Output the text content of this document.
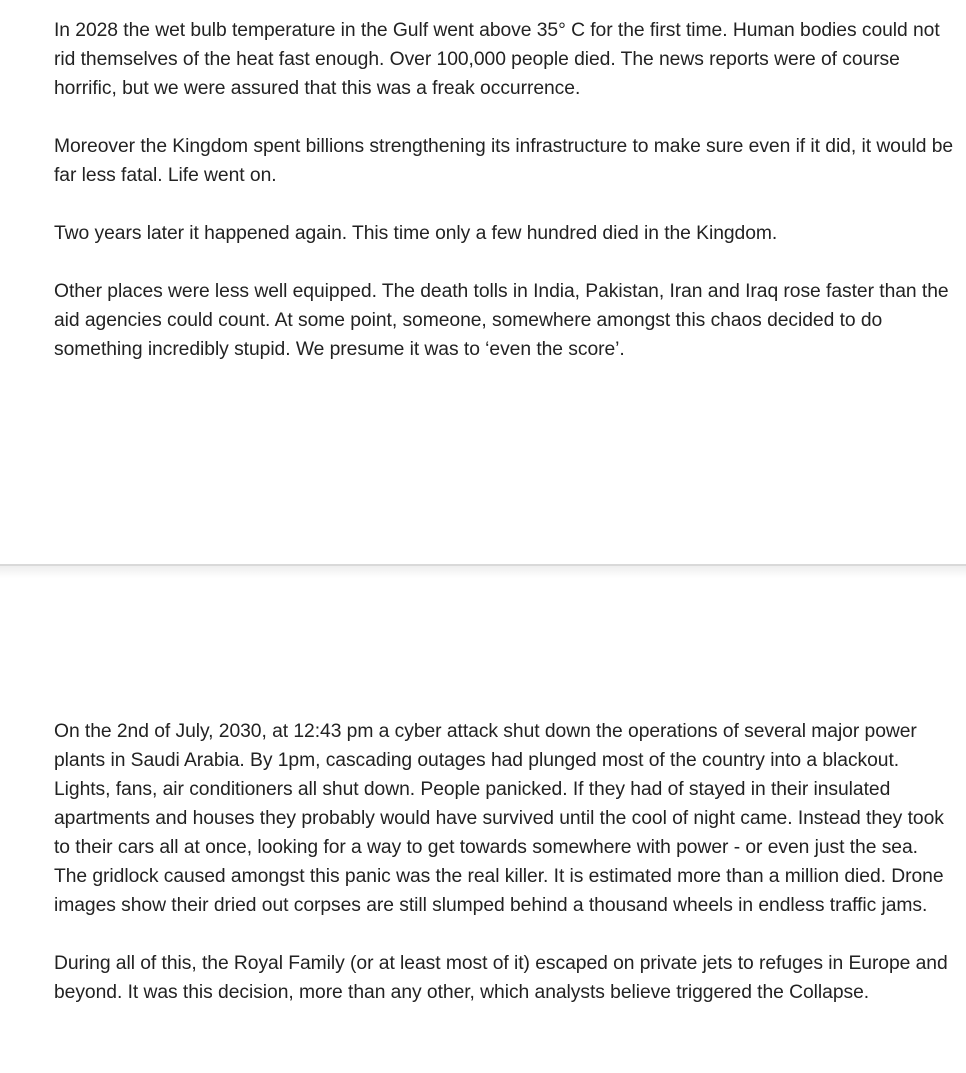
In 2028 the wet bulb temperature in the Gulf went above 35° C for the first time. Human bodies could not rid themselves of the heat fast enough. Over 100,000 people died. The news reports were of course horrific, but we were assured that this was a freak occurrence.

Moreover the Kingdom spent billions strengthening its infrastructure to make sure even if it did, it would be far less fatal. Life went on.

Two years later it happened again. This time only a few hundred died in the Kingdom.

Other places were less well equipped. The death tolls in India, Pakistan, Iran and Iraq rose faster than the aid agencies could count. At some point, someone, somewhere amongst this chaos decided to do something incredibly stupid. We presume it was to ‘even the score’.

On the 2nd of July, 2030, at 12:43 pm a cyber attack shut down the operations of several major power plants in Saudi Arabia. By 1pm, cascading outages had plunged most of the country into a blackout. Lights, fans, air conditioners all shut down. People panicked. If they had of stayed in their insulated apartments and houses they probably would have survived until the cool of night came. Instead they took to their cars all at once, looking for a way to get towards somewhere with power - or even just the sea. The gridlock caused amongst this panic was the real killer. It is estimated more than a million died. Drone images show their dried out corpses are still slumped behind a thousand wheels in endless traffic jams.

During all of this, the Royal Family (or at least most of it) escaped on private jets to refuges in Europe and beyond. It was this decision, more than any other, which analysts believe triggered the Collapse.
